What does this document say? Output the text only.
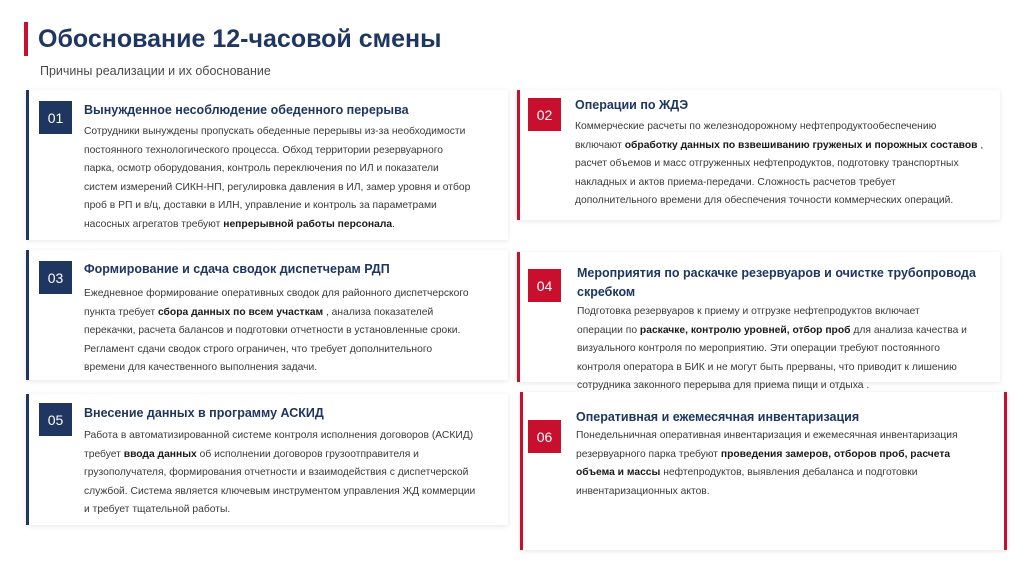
Обоснование 12-часовой смены

Причины реализации и их обоснование

01	Вынужденное несоблюдение обеденного перерыва

Сотрудники вынуждены пропускать обеденные перерывы из-за необходимости
постоянного технологического процесса. Обход территории резервуарного
парка, осмотр оборудования, контроль переключения по ИЛ и показатели
систем измерений СИКН-НП, регулировка давления в ИЛ, замер уровня и отбор
проб в РП и в/ц, доставки в ИЛН, управление и контроль за параметрами
насосных агрегатов требуют непрерывной работы персонала.

02

Операции по ЖДЭ

Коммерческие расчеты по железнодорожному нефтепродуктообеспечению
включают обработку данных по взвешиванию груженых и порожных составов ,
расчет объемов и масс отгруженных нефтепродуктов, подготовку транспортных
накладных и актов приема-передачи. Сложность расчетов требует
дополнительного времени для обеспечения точности коммерческих операций.

03

Формирование и сдача сводок диспетчерам РДП

Ежедневное формирование оперативных сводок для районного диспетчерского
пункта требует сбора данных по всем участкам , анализа показателей
перекачки, расчета балансов и подготовки отчетности в установленные сроки.
Регламент сдачи сводок строго ограничен, что требует дополнительного
времени для качественного выполнения задачи.

04

Мероприятия по раскачке резервуаров и очистке трубопровода
скребком

Подготовка резервуаров к приему и отгрузке нефтепродуктов включает
операции по раскачке, контролю уровней, отбор проб для анализа качества и
визуального контроля по мероприятию. Эти операции требуют постоянного
контроля оператора в БИК и не могут быть прерваны, что приводит к лишению
сотрудника законного перерыва для приема пищи и отдыха .

05	Внесение данных в программу АСКИД

Работа в автоматизированной системе контроля исполнения договоров (АСКИД)
требует ввода данных об исполнении договоров грузоотправителя и
грузополучателя, формирования отчетности и взаимодействия с диспетчерской
службой. Система является ключевым инструментом управления ЖД коммерции
и требует тщательной работы.

06

Оперативная и ежемесячная инвентаризация

Понедельничная оперативная инвентаризация и ежемесячная инвентаризация
резервуарного парка требуют проведения замеров, отборов проб, расчета
объема и массы нефтепродуктов, выявления дебаланса и подготовки
инвентаризационных актов.
